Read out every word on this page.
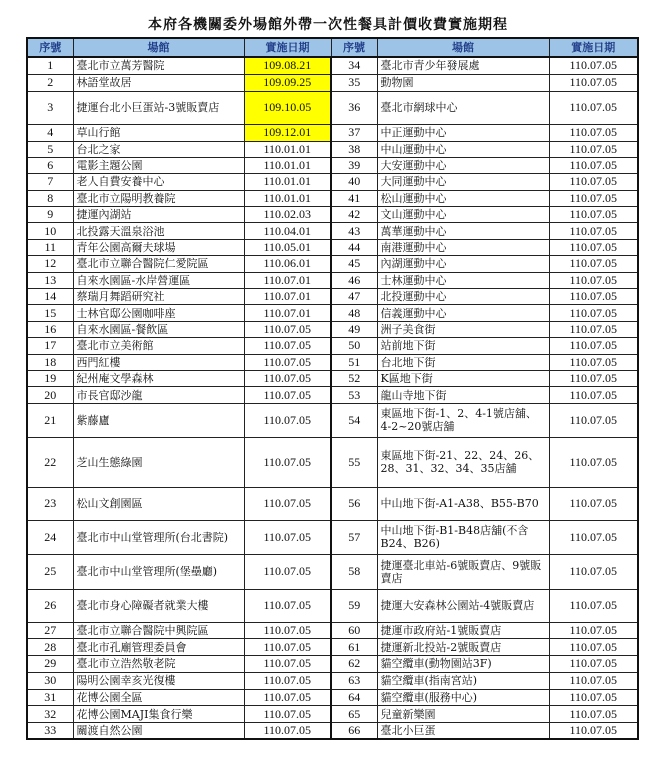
本府各機關委外場館外帶一次性餐具計價收費實施期程
序號	場館	實施日期	序號	場館	實施日期
1	臺北市立萬芳醫院	109.08.21	34	臺北市青少年發展處	110.07.05
2	林語堂故居	109.09.25	35	動物園	110.07.05
3	捷運台北小巨蛋站-3號販賣店	109.10.05	36	臺北市網球中心	110.07.05
4	草山行館	109.12.01	37	中正運動中心	110.07.05
5	台北之家	110.01.01	38	中山運動中心	110.07.05
6	電影主題公園	110.01.01	39	大安運動中心	110.07.05
7	老人自費安養中心	110.01.01	40	大同運動中心	110.07.05
8	臺北市立陽明教養院	110.01.01	41	松山運動中心	110.07.05
9	捷運內湖站	110.02.03	42	文山運動中心	110.07.05
10	北投露天溫泉浴池	110.04.01	43	萬華運動中心	110.07.05
11	青年公園高爾夫球場	110.05.01	44	南港運動中心	110.07.05
12	臺北市立聯合醫院仁愛院區	110.06.01	45	內湖運動中心	110.07.05
13	自來水園區-水岸營運區	110.07.01	46	士林運動中心	110.07.05
14	蔡瑞月舞蹈研究社	110.07.01	47	北投運動中心	110.07.05
15	士林官邸公園咖啡座	110.07.01	48	信義運動中心	110.07.05
16	自來水園區-餐飲區	110.07.05	49	洲子美食街	110.07.05
17	臺北市立美術館	110.07.05	50	站前地下街	110.07.05
18	西門紅樓	110.07.05	51	台北地下街	110.07.05
19	紀州庵文學森林	110.07.05	52	K區地下街	110.07.05
20	市長官邸沙龍	110.07.05	53	龍山寺地下街	110.07.05
21	紫藤廬	110.07.05	54	東區地下街-1、2、4-1號店舖、4-2~20號店舖	110.07.05
22	芝山生態綠園	110.07.05	55	東區地下街-21、22、24、26、28、31、32、34、35店舖	110.07.05
23	松山文創園區	110.07.05	56	中山地下街-A1-A38、B55-B70	110.07.05
24	臺北市中山堂管理所(台北書院)	110.07.05	57	中山地下街-B1-B48店舖(不含B24、B26)	110.07.05
25	臺北市中山堂管理所(堡壘廳)	110.07.05	58	捷運臺北車站-6號販賣店、9號販賣店	110.07.05
26	臺北市身心障礙者就業大樓	110.07.05	59	捷運大安森林公園站-4號販賣店	110.07.05
27	臺北市立聯合醫院中興院區	110.07.05	60	捷運市政府站-1號販賣店	110.07.05
28	臺北市孔廟管理委員會	110.07.05	61	捷運新北投站-2號販賣店	110.07.05
29	臺北市立浩然敬老院	110.07.05	62	貓空纜車(動物園站3F)	110.07.05
30	陽明公園幸亥光復樓	110.07.05	63	貓空纜車(指南宮站)	110.07.05
31	花博公園全區	110.07.05	64	貓空纜車(服務中心)	110.07.05
32	花博公園MAJI集食行樂	110.07.05	65	兒童新樂園	110.07.05
33	關渡自然公園	110.07.05	66	臺北小巨蛋	110.07.05
